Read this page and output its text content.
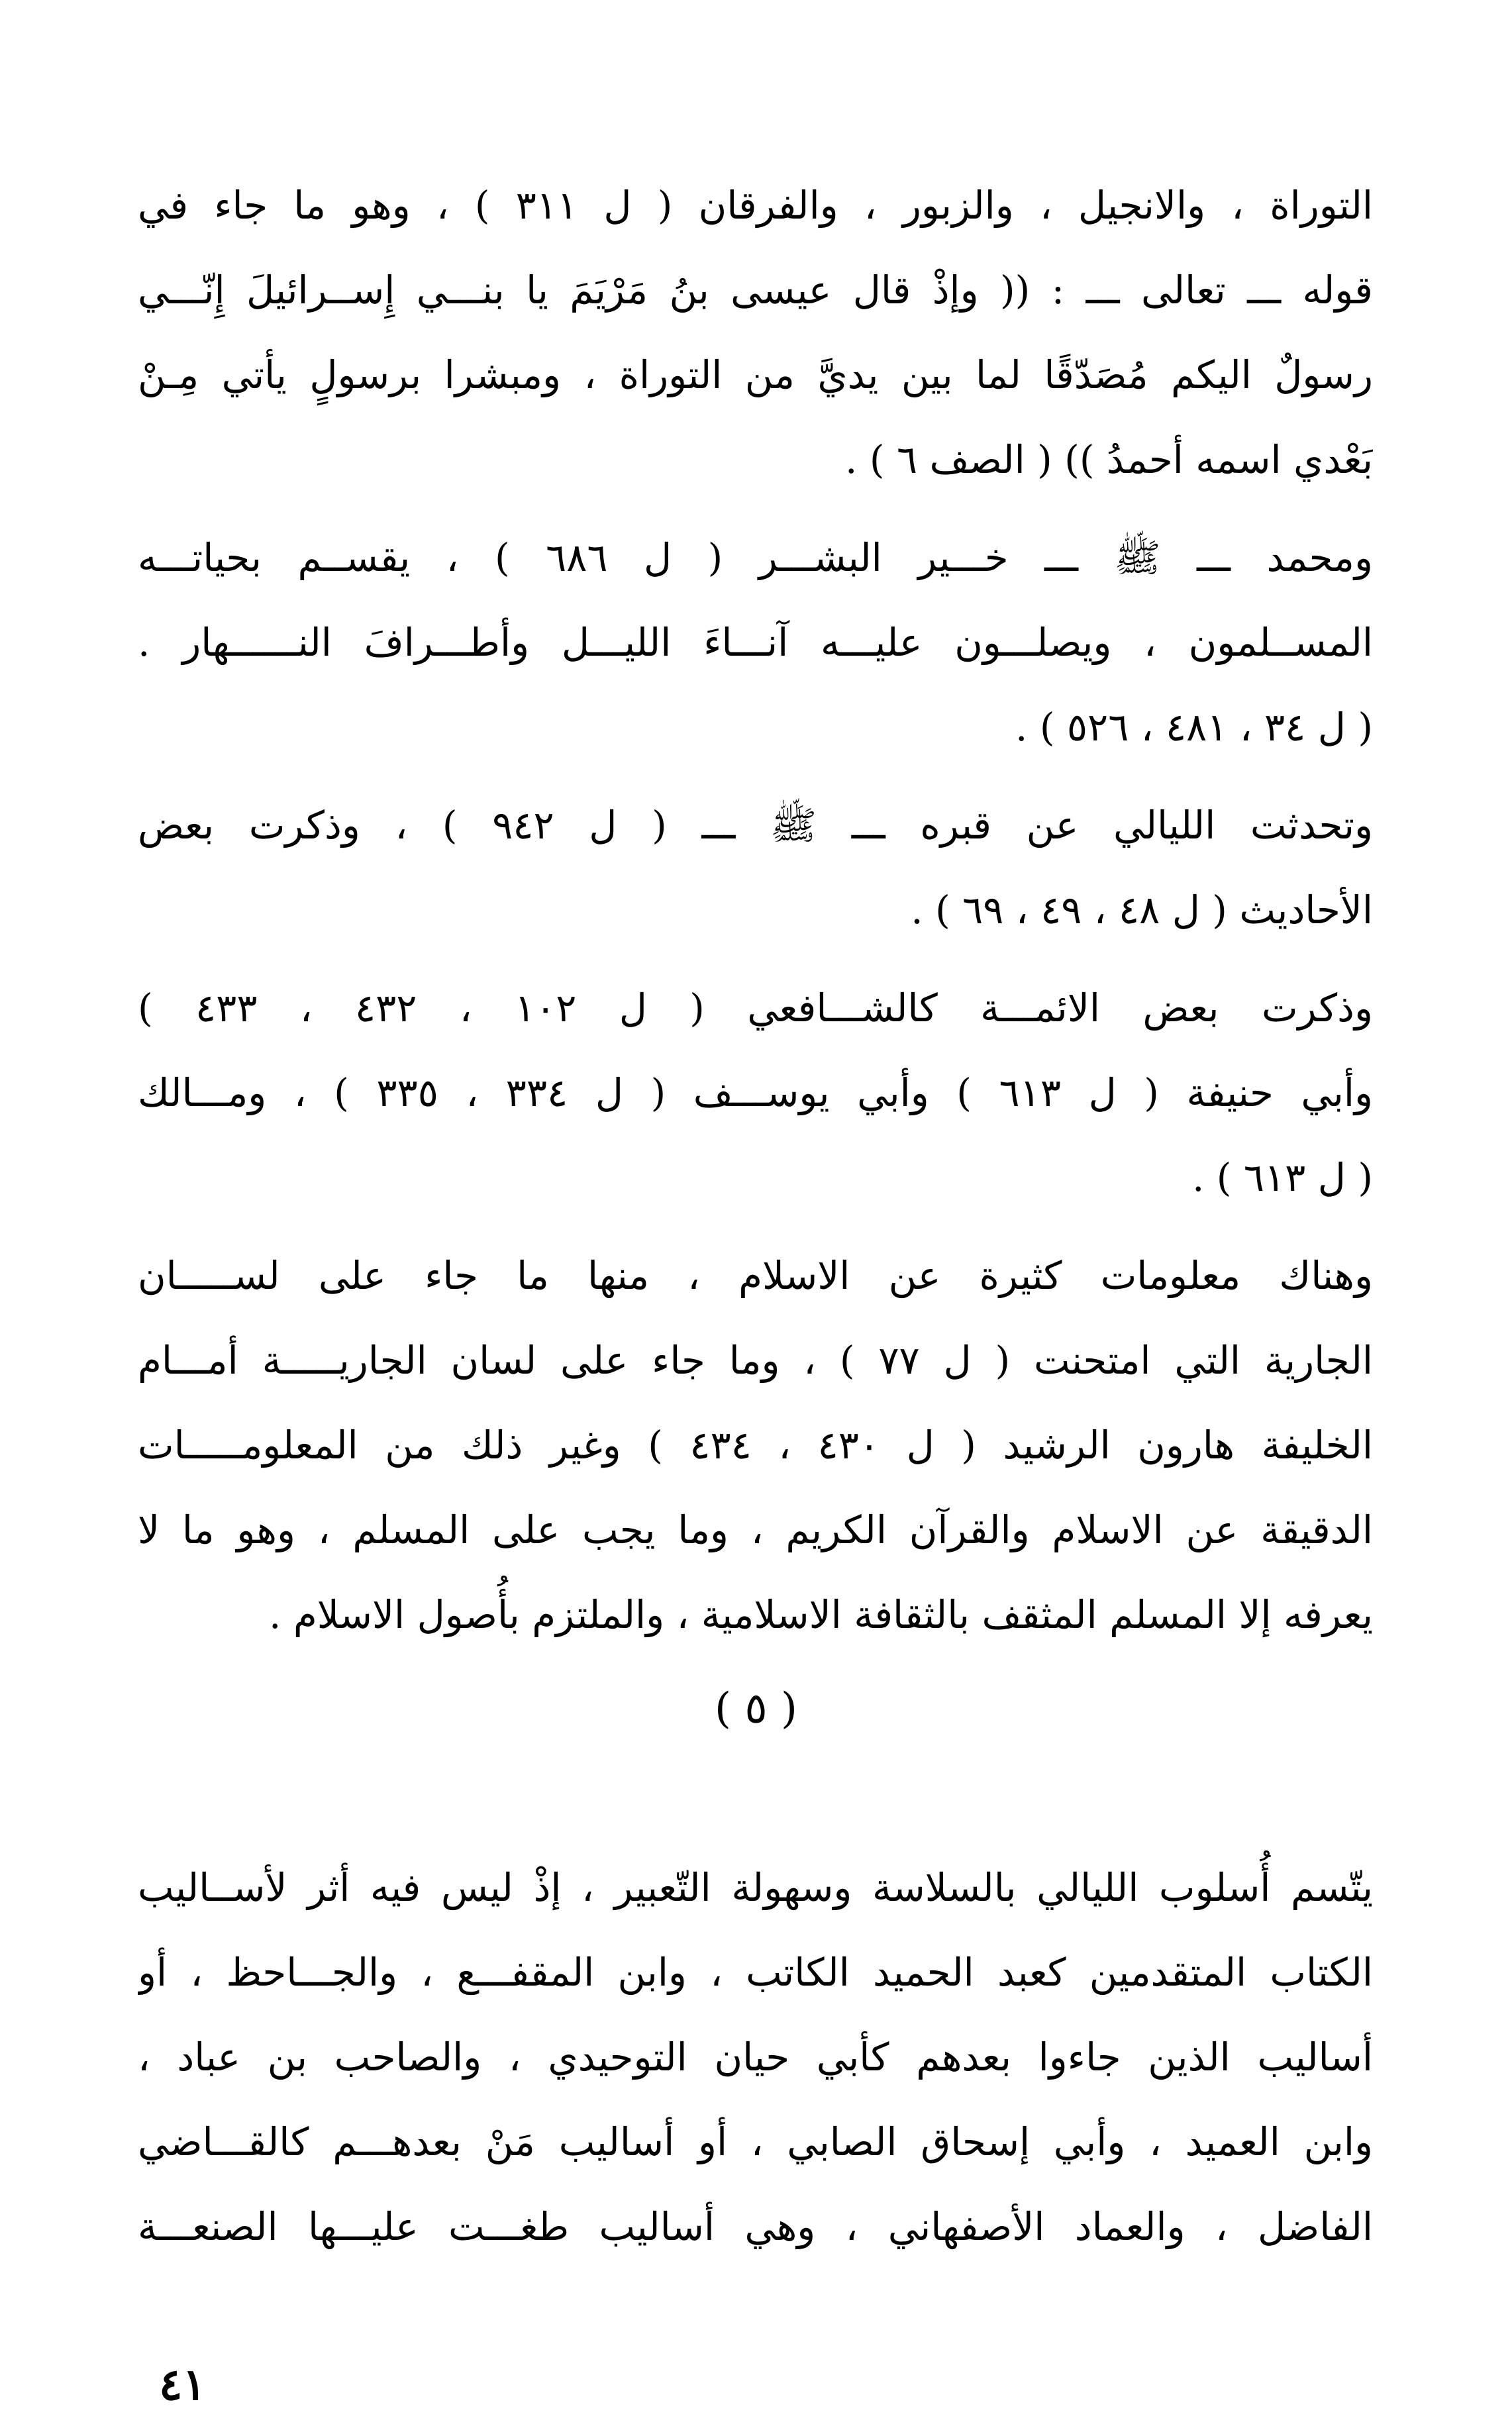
التوراة ، والانجيل ، والزبور ، والفرقان ( ل ٣١١ ) ، وهو ما جاء في
قوله ـــ تعالى ـــ : (( وإذْ قال عيسى بنُ مَرْيَمَ يا بنـــي إِســرائيلَ إِنّـــي
رسولٌ اليكم مُصَدّقًا لما بين يديَّ من التوراة ، ومبشرا برسولٍ يأتي مِـنْ
بَعْدي اسمه أحمدُ )) ( الصف ٦ ) .
ومحمد ـــ ﷺ ـــ خـــير البشـــر ( ل ٦٨٦ ) ، يقســم بحياتـــه
المســلمون ، ويصلـــون عليـــه آنـــاءَ الليـــل وأطـــرافَ النــــــهار .
( ل ٣٤ ، ٤٨١ ، ٥٢٦ ) .
وتحدثت الليالي عن قبره ـــ ﷺ ـــ ( ل ٩٤٢ ) ، وذكرت بعض
الأحاديث ( ل ٤٨ ، ٤٩ ، ٦٩ ) .
وذكرت بعض الائمـــة كالشـــافعي ( ل ١٠٢ ، ٤٣٢ ، ٤٣٣ )
وأبي حنيفة ( ل ٦١٣ ) وأبي يوســـف ( ل ٣٣٤ ، ٣٣٥ ) ، ومـــالك
( ل ٦١٣ ) .
وهناك معلومات كثيرة عن الاسلام ، منها ما جاء على لســـــان
الجارية التي امتحنت ( ل ٧٧ ) ، وما جاء على لسان الجاريـــــة أمـــام
الخليفة هارون الرشيد ( ل ٤٣٠ ، ٤٣٤ ) وغير ذلك من المعلومـــــات
الدقيقة عن الاسلام والقرآن الكريم ، وما يجب على المسلم ، وهو ما لا
يعرفه إلا المسلم المثقف بالثقافة الاسلامية ، والملتزم بأُصول الاسلام .
( ٥ )
يتّسم أُسلوب الليالي بالسلاسة وسهولة التّعبير ، إذْ ليس فيه أثر لأســاليب
الكتاب المتقدمين كعبد الحميد الكاتب ، وابن المقفـــع ، والجـــاحظ ، أو
أساليب الذين جاءوا بعدهم كأبي حيان التوحيدي ، والصاحب بن عباد ،
وابن العميد ، وأبي إسحاق الصابي ، أو أساليب مَنْ بعدهـــم كالقـــاضي
الفاضل ، والعماد الأصفهاني ، وهي أساليب طغـــت عليـــها الصنعـــة
٤١
